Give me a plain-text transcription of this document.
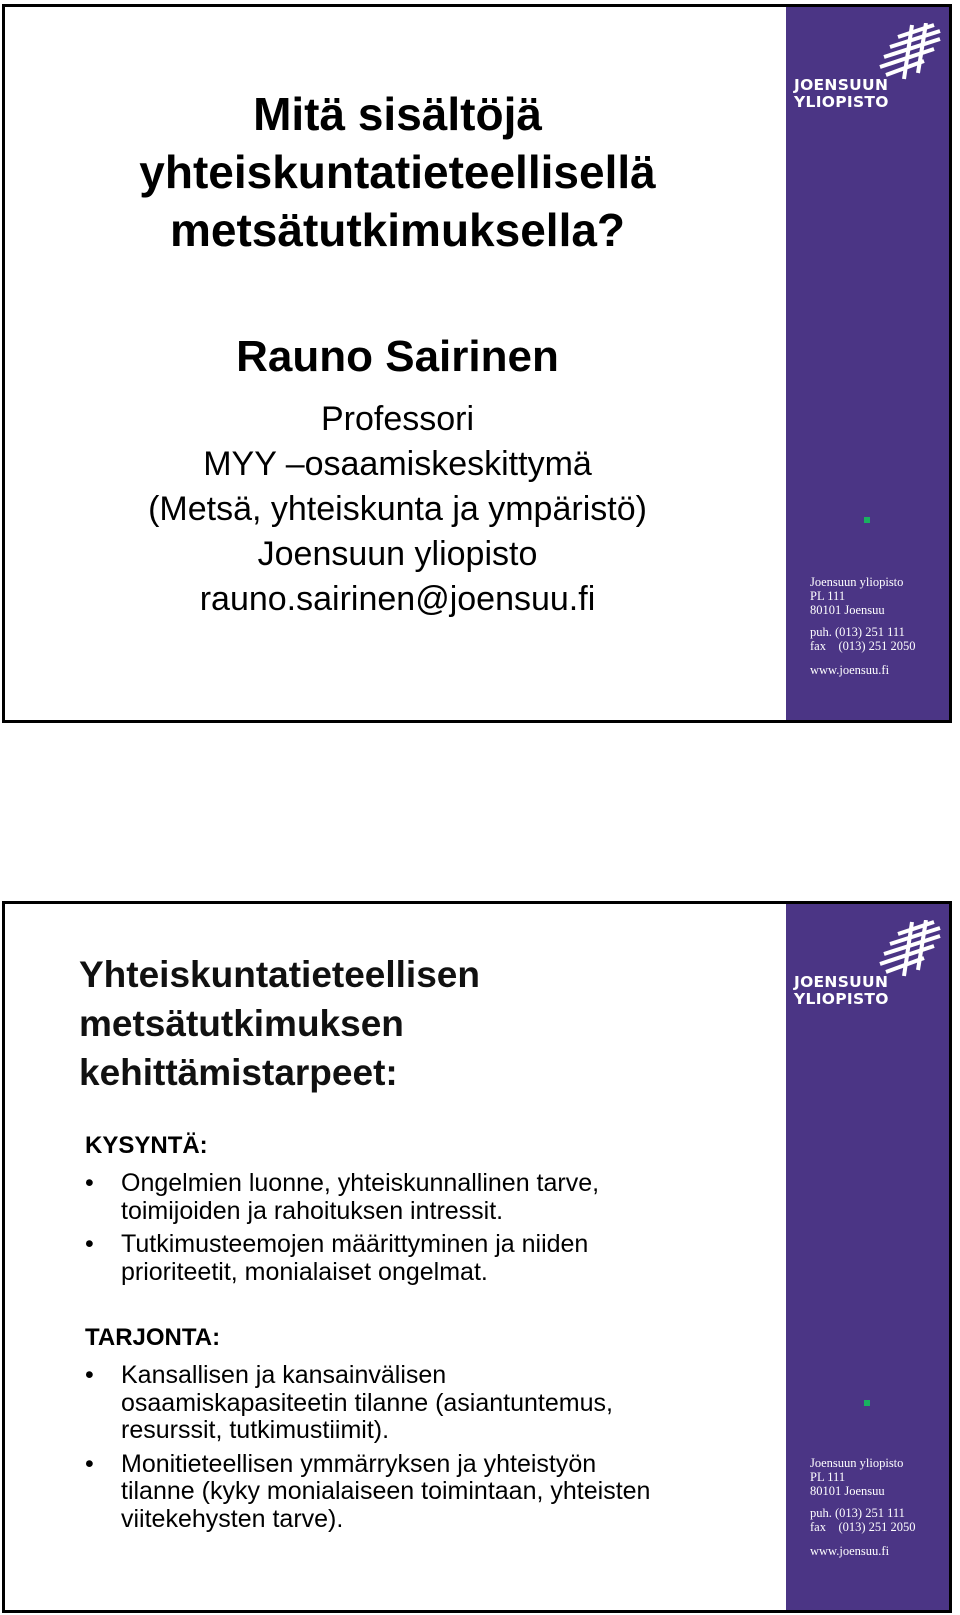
Mitä sisältöjä
yhteiskuntatieteellisellä
metsätutkimuksella?
Rauno Sairinen
Professori
MYY –osaamiskeskittymä
(Metsä, yhteiskunta ja ympäristö)
Joensuun yliopisto
rauno.sairinen@joensuu.fi
JOENSUUN
YLIOPISTO
Joensuun yliopisto
PL 111
80101 Joensuu
puh. (013) 251 111
fax    (013) 251 2050
www.joensuu.fi
Yhteiskuntatieteellisen
metsätutkimuksen
kehittämistarpeet:
KYSYNTÄ:
• Ongelmien luonne, yhteiskunnallinen tarve,
toimijoiden ja rahoituksen intressit.
• Tutkimusteemojen määrittyminen ja niiden
prioriteetit, monialaiset ongelmat.
TARJONTA:
• Kansallisen ja kansainvälisen
osaamiskapasiteetin tilanne (asiantuntemus,
resurssit, tutkimustiimit).
• Monitieteellisen ymmärryksen ja yhteistyön
tilanne (kyky monialaiseen toimintaan, yhteisten
viitekehysten tarve).
JOENSUUN
YLIOPISTO
Joensuun yliopisto
PL 111
80101 Joensuu
puh. (013) 251 111
fax    (013) 251 2050
www.joensuu.fi
